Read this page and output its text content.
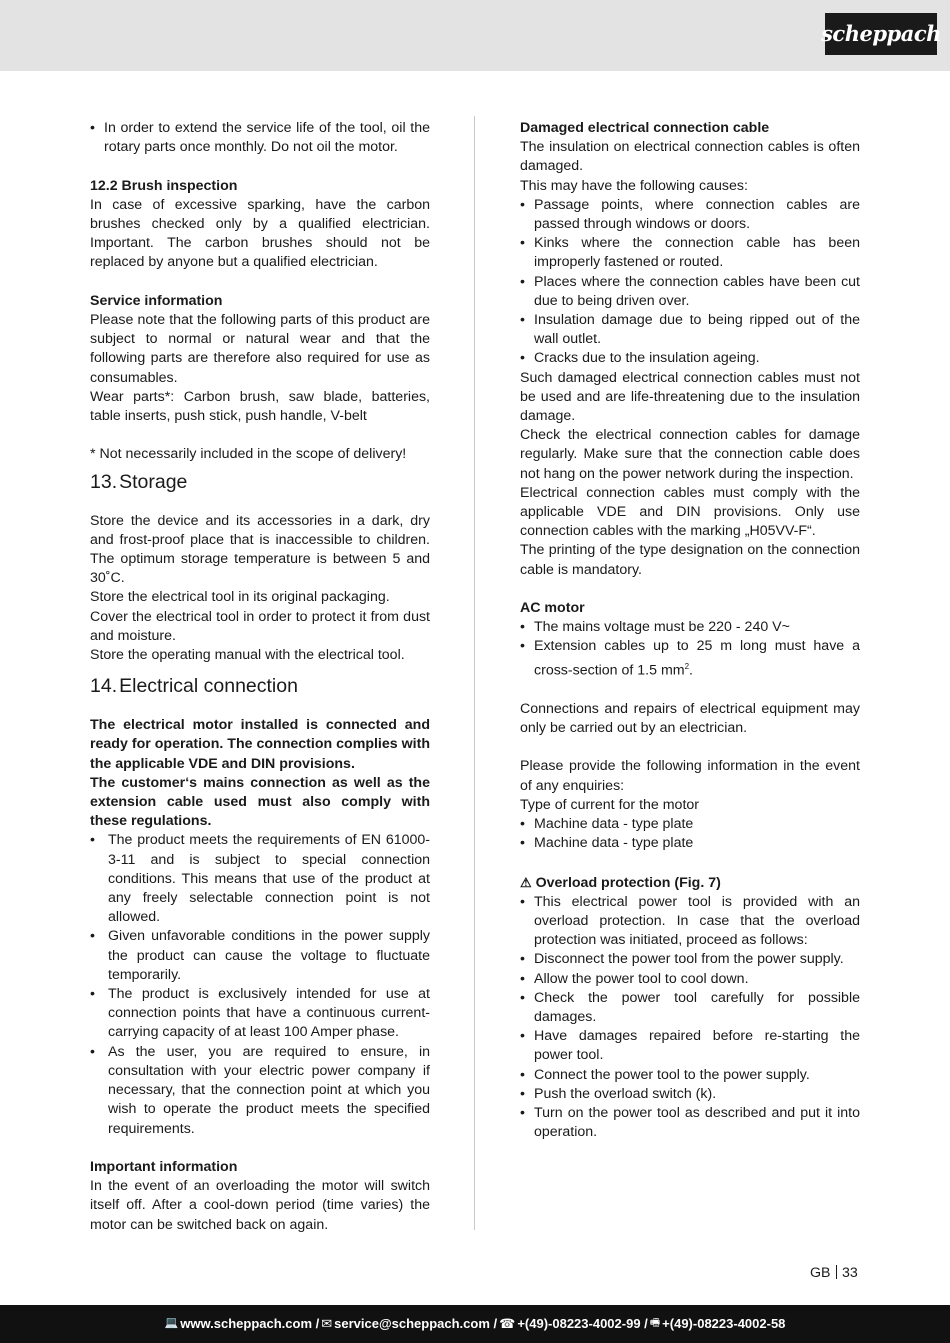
scheppach
• In order to extend the service life of the tool, oil the rotary parts once monthly. Do not oil the motor.
12.2 Brush inspection

In case of excessive sparking, have the carbon brushes checked only by a qualified electrician. Important. The carbon brushes should not be replaced by anyone but a qualified electrician.

Service information

Please note that the following parts of this product are subject to normal or natural wear and that the following parts are therefore also required for use as consumables.

Wear parts*: Carbon brush, saw blade, batteries, table inserts, push stick, push handle, V-belt

* Not necessarily included in the scope of delivery!

13. Storage

Store the device and its accessories in a dark, dry and frost-proof place that is inaccessible to children. The optimum storage temperature is between 5 and 30˚C.

Store the electrical tool in its original packaging.

Cover the electrical tool in order to protect it from dust and moisture.

Store the operating manual with the electrical tool.

14. Electrical connection

The electrical motor installed is connected and ready for operation. The connection complies with the applicable VDE and DIN provisions.

The customer‘s mains connection as well as the extension cable used must also comply with these regulations.

• The product meets the requirements of EN 61000-3-11 and is subject to special connection conditions. This means that use of the product at any freely selectable connection point is not allowed.
• Given unfavorable conditions in the power supply the product can cause the voltage to fluctuate temporarily.
• The product is exclusively intended for use at connection points that have a continuous current-carrying capacity of at least 100 Amper phase.
• As the user, you are required to ensure, in consultation with your electric power company if necessary, that the connection point at which you wish to operate the product meets the specified requirements.
Important information

In the event of an overloading the motor will switch itself off. After a cool-down period (time varies) the motor can be switched back on again.

Damaged electrical connection cable

The insulation on electrical connection cables is often damaged.

This may have the following causes:

• Passage points, where connection cables are passed through windows or doors.
• Kinks where the connection cable has been improperly fastened or routed.
• Places where the connection cables have been cut due to being driven over.
• Insulation damage due to being ripped out of the wall outlet.
• Cracks due to the insulation ageing.

Such damaged electrical connection cables must not be used and are life-threatening due to the insulation damage.

Check the electrical connection cables for damage regularly. Make sure that the connection cable does not hang on the power network during the inspection.

Electrical connection cables must comply with the applicable VDE and DIN provisions. Only use connection cables with the marking „H05VV-F“.

The printing of the type designation on the connection cable is mandatory.

AC motor
• The mains voltage must be 220 - 240 V~
• Extension cables up to 25 m long must have a cross-section of 1.5 $mm^2$.

Connections and repairs of electrical equipment may only be carried out by an electrician.

Please provide the following information in the event of any enquiries:

Type of current for the motor

• Machine data - type plate
• Machine data - type plate
⚠ Overload protection (Fig. 7)
• This electrical power tool is provided with an overload protection. In case that the overload protection was initiated, proceed as follows:
• Disconnect the power tool from the power supply.
• Allow the power tool to cool down.
• Check the power tool carefully for possible damages.
• Have damages repaired before re-starting the power tool.
• Connect the power tool to the power supply.
• Push the overload switch (k).
• Turn on the power tool as described and put it into operation.
GB 33
💻 www.scheppach.com / ✉ service@scheppach.com / ☎ +(49)-08223-4002-99 / 🖷 +(49)-08223-4002-58
